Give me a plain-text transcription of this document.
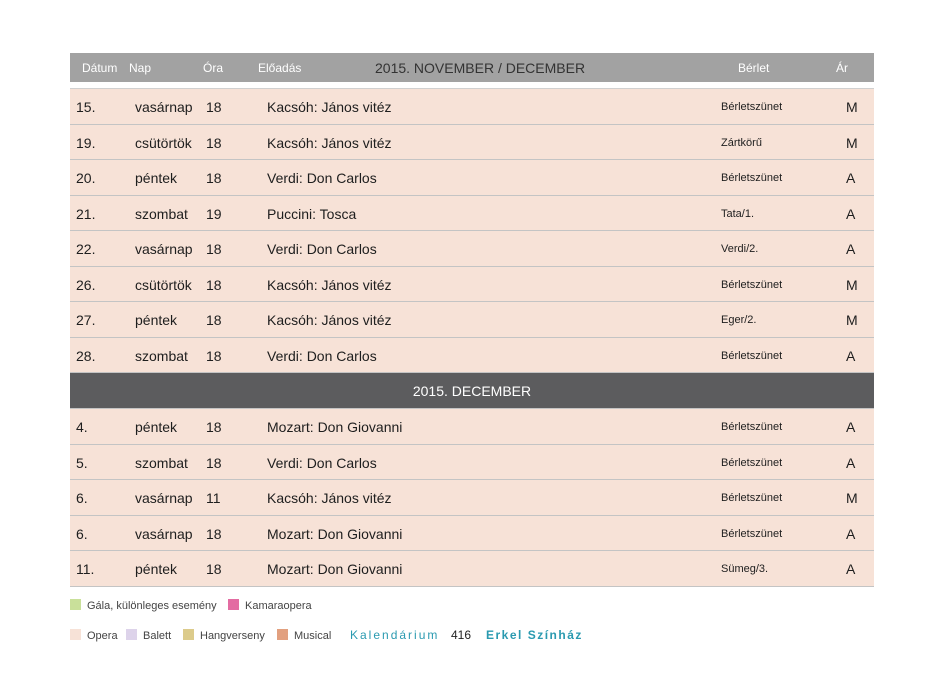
Dátum Nap	Óra	Előadás	2015. NOVEMBER / DECEMBER	Bérlet	Ár
15.	vasárnap 18	Kacsóh: János vitéz	Bérletszünet	M
19.	csütörtök 18	Kacsóh: János vitéz	Zártkörű	M
20.	péntek 18	Verdi: Don Carlos	Bérletszünet	A
21.	szombat 19	Puccini: Tosca	Tata/1.	A
22.	vasárnap 18	Verdi: Don Carlos	Verdi/2.	A
26.	csütörtök 18	Kacsóh: János vitéz	Bérletszünet	M
27.	péntek 18	Kacsóh: János vitéz	Eger/2.	M
28.	szombat 18	Verdi: Don Carlos	Bérletszünet	A
2015. DECEMBER
4.	péntek 18	Mozart: Don Giovanni	Bérletszünet	A
5.	szombat 18	Verdi: Don Carlos	Bérletszünet	A
6.	vasárnap 11	Kacsóh: János vitéz	Bérletszünet	M
6.	vasárnap 18	Mozart: Don Giovanni	Bérletszünet	A
11.	péntek 18	Mozart: Don Giovanni	Sümeg/3.	A
Gála, különleges esemény	Kamaraopera
Opera	Balett	Hangverseny	Musical Kalendárium 416 Erkel Színház
